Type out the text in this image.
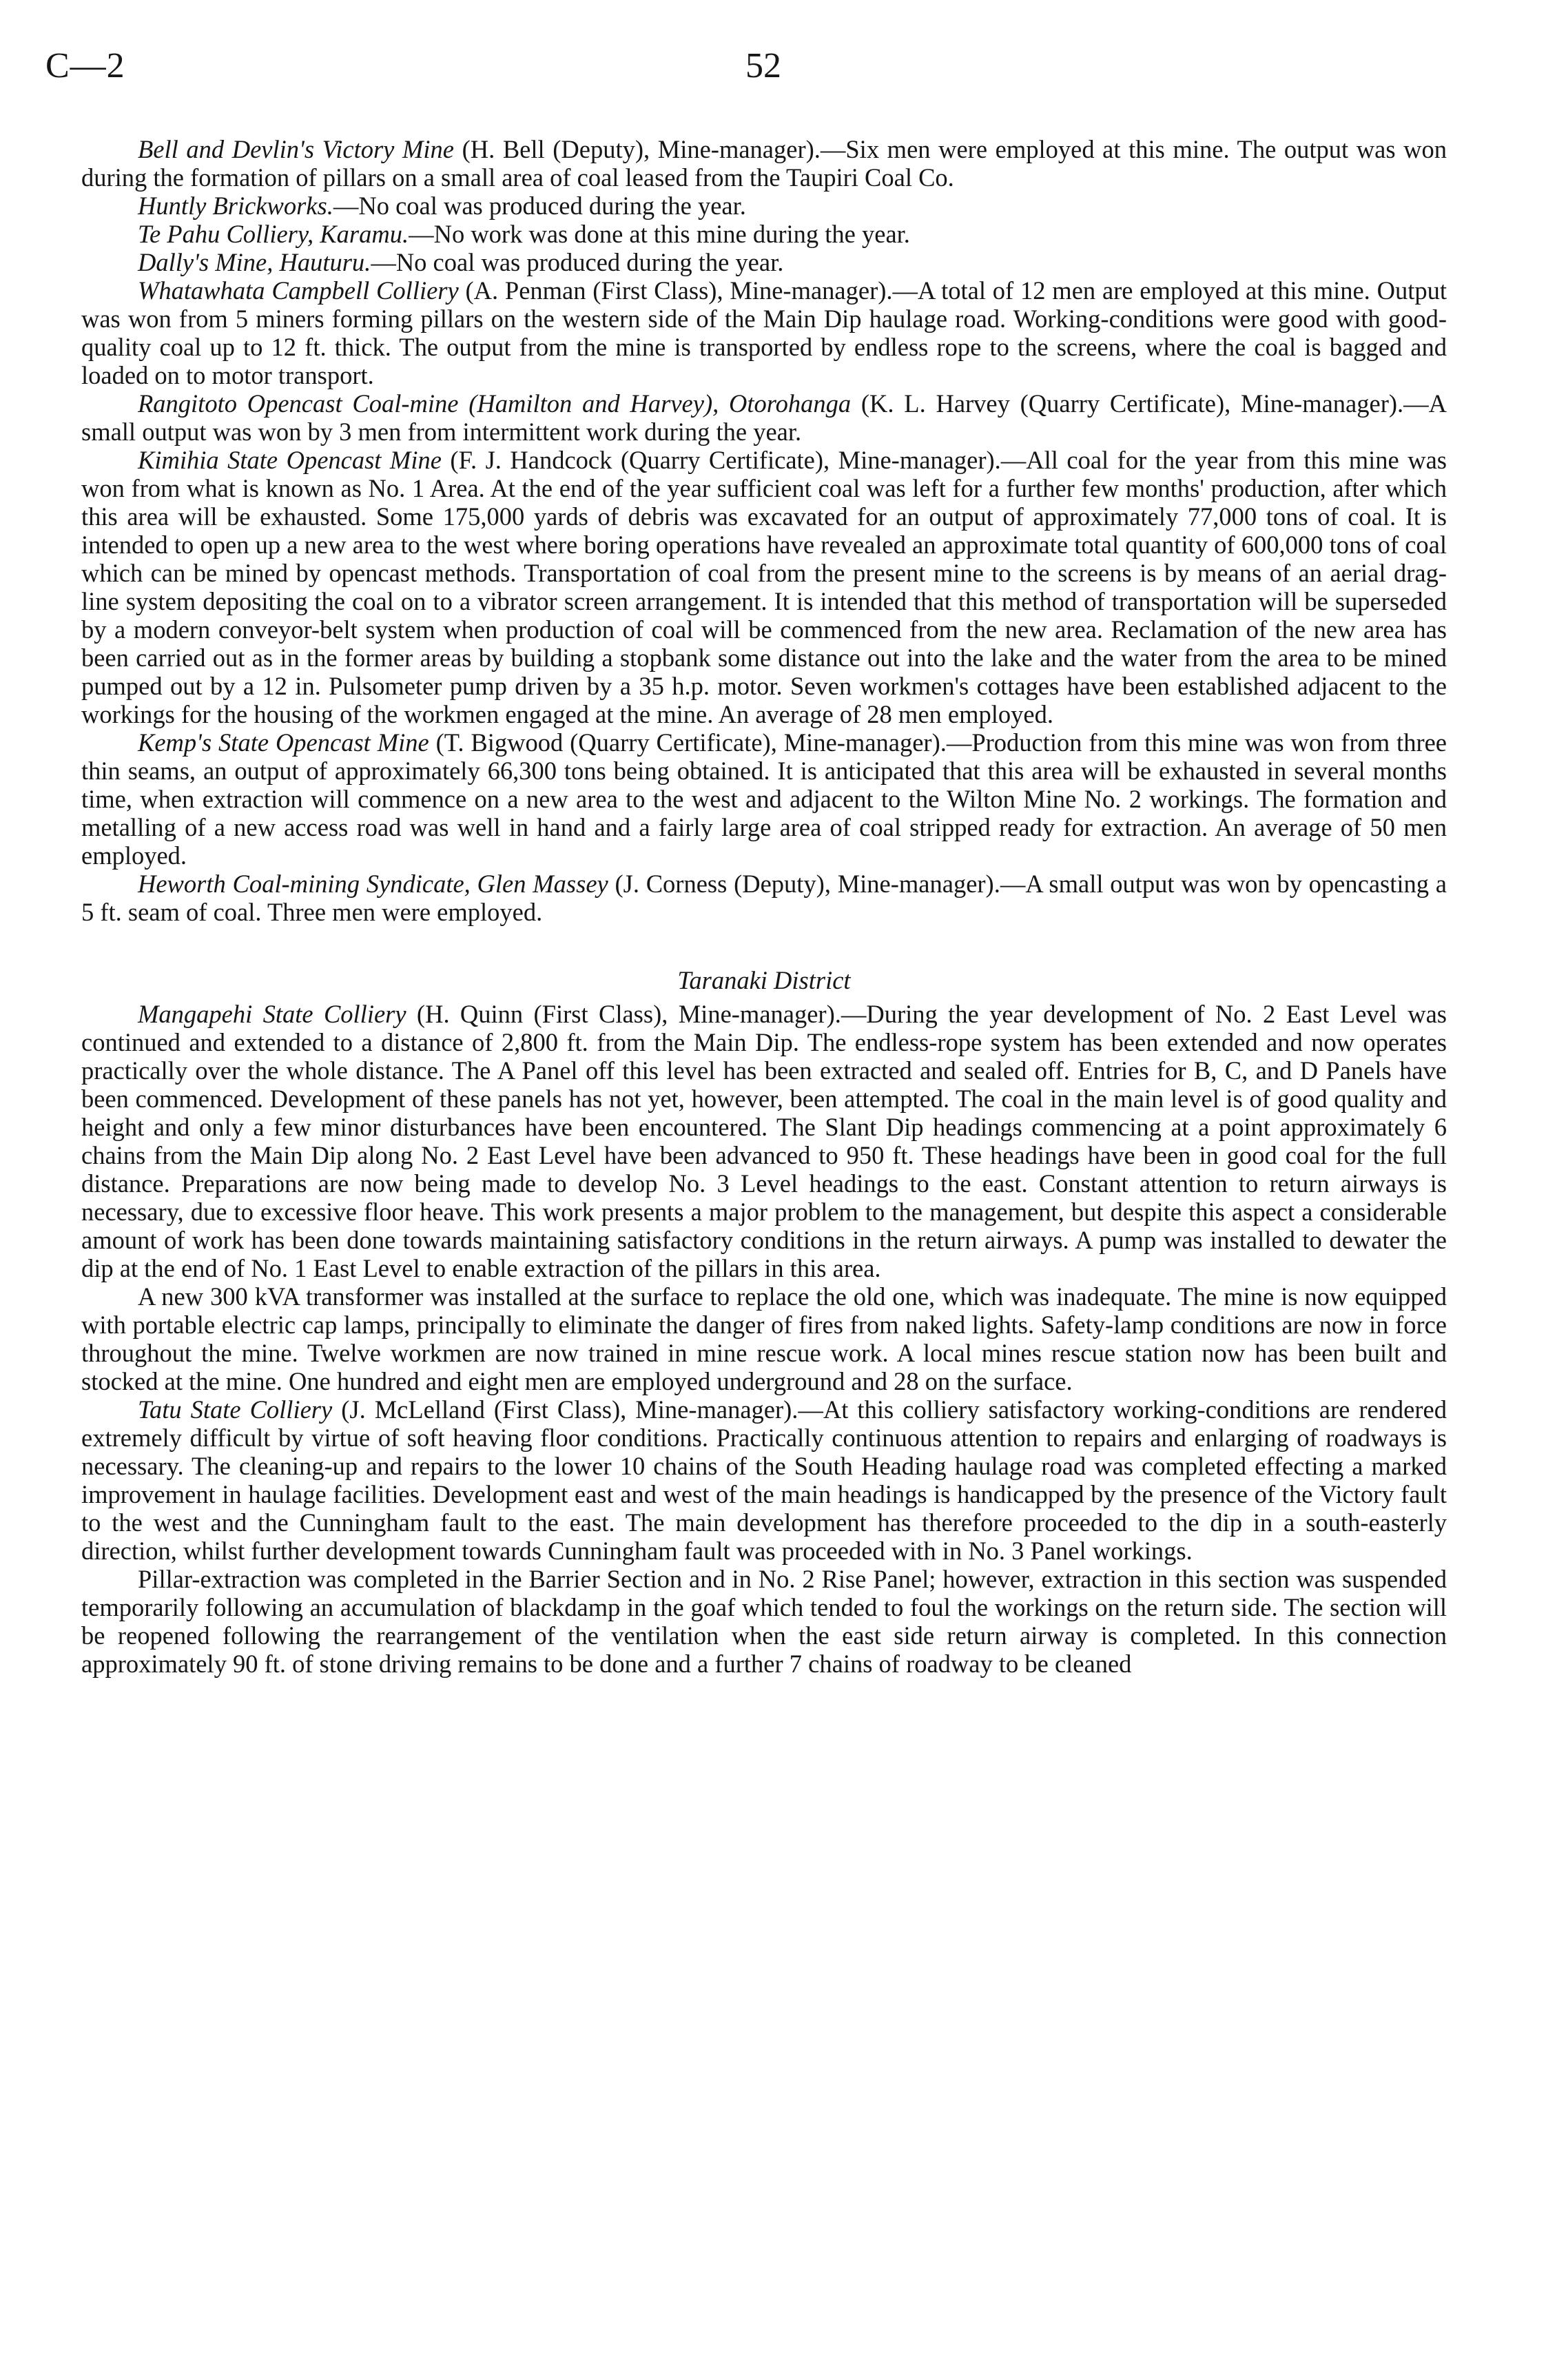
C—2	52

Bell and Devlin's Victory Mine (H. Bell (Deputy), Mine-manager).—Six men were employed at this mine. The output was won during the formation of pillars on a small area of coal leased from the Taupiri Coal Co.

Huntly Brickworks.—No coal was produced during the year.

Te Pahu Colliery, Karamu.—No work was done at this mine during the year.

Dally's Mine, Hauturu.—No coal was produced during the year.

Whatawhata Campbell Colliery (A. Penman (First Class), Mine-manager).—A total of 12 men are employed at this mine. Output was won from 5 miners forming pillars on the western side of the Main Dip haulage road. Working-conditions were good with good-quality coal up to 12 ft. thick. The output from the mine is transported by endless rope to the screens, where the coal is bagged and loaded on to motor transport.

Rangitoto Opencast Coal-mine (Hamilton and Harvey), Otorohanga (K. L. Harvey (Quarry Certificate), Mine-manager).—A small output was won by 3 men from intermittent work during the year.

Kimihia State Opencast Mine (F. J. Handcock (Quarry Certificate), Mine-manager).—All coal for the year from this mine was won from what is known as No. 1 Area. At the end of the year sufficient coal was left for a further few months' production, after which this area will be exhausted. Some 175,000 yards of debris was excavated for an output of approximately 77,000 tons of coal. It is intended to open up a new area to the west where boring operations have revealed an approximate total quantity of 600,000 tons of coal which can be mined by opencast methods. Transportation of coal from the present mine to the screens is by means of an aerial drag-line system depositing the coal on to a vibrator screen arrangement. It is intended that this method of transportation will be superseded by a modern conveyor-belt system when production of coal will be commenced from the new area. Reclamation of the new area has been carried out as in the former areas by building a stopbank some distance out into the lake and the water from the area to be mined pumped out by a 12 in. Pulsometer pump driven by a 35 h.p. motor. Seven workmen's cottages have been established adjacent to the workings for the housing of the workmen engaged at the mine. An average of 28 men employed.

Kemp's State Opencast Mine (T. Bigwood (Quarry Certificate), Mine-manager).—Production from this mine was won from three thin seams, an output of approximately 66,300 tons being obtained. It is anticipated that this area will be exhausted in several months time, when extraction will commence on a new area to the west and adjacent to the Wilton Mine No. 2 workings. The formation and metalling of a new access road was well in hand and a fairly large area of coal stripped ready for extraction. An average of 50 men employed.

Heworth Coal-mining Syndicate, Glen Massey (J. Corness (Deputy), Mine-manager).—A small output was won by opencasting a 5 ft. seam of coal. Three men were employed.

Taranaki District

Mangapehi State Colliery (H. Quinn (First Class), Mine-manager).—During the year development of No. 2 East Level was continued and extended to a distance of 2,800 ft. from the Main Dip. The endless-rope system has been extended and now operates practically over the whole distance. The A Panel off this level has been extracted and sealed off. Entries for B, C, and D Panels have been commenced. Development of these panels has not yet, however, been attempted. The coal in the main level is of good quality and height and only a few minor disturbances have been encountered. The Slant Dip headings commencing at a point approximately 6 chains from the Main Dip along No. 2 East Level have been advanced to 950 ft. These headings have been in good coal for the full distance. Preparations are now being made to develop No. 3 Level headings to the east. Constant attention to return airways is necessary, due to excessive floor heave. This work presents a major problem to the management, but despite this aspect a considerable amount of work has been done towards maintaining satisfactory conditions in the return airways. A pump was installed to dewater the dip at the end of No. 1 East Level to enable extraction of the pillars in this area.

A new 300 kVA transformer was installed at the surface to replace the old one, which was inadequate. The mine is now equipped with portable electric cap lamps, principally to eliminate the danger of fires from naked lights. Safety-lamp conditions are now in force throughout the mine. Twelve workmen are now trained in mine rescue work. A local mines rescue station now has been built and stocked at the mine. One hundred and eight men are employed underground and 28 on the surface.

Tatu State Colliery (J. McLelland (First Class), Mine-manager).—At this colliery satisfactory working-conditions are rendered extremely difficult by virtue of soft heaving floor conditions. Practically continuous attention to repairs and enlarging of roadways is necessary. The cleaning-up and repairs to the lower 10 chains of the South Heading haulage road was completed effecting a marked improvement in haulage facilities. Development east and west of the main headings is handicapped by the presence of the Victory fault to the west and the Cunningham fault to the east. The main development has therefore proceeded to the dip in a south-easterly direction, whilst further development towards Cunningham fault was proceeded with in No. 3 Panel workings.

Pillar-extraction was completed in the Barrier Section and in No. 2 Rise Panel; however, extraction in this section was suspended temporarily following an accumulation of blackdamp in the goaf which tended to foul the workings on the return side. The section will be reopened following the rearrangement of the ventilation when the east side return airway is completed. In this connection approximately 90 ft. of stone driving remains to be done and a further 7 chains of roadway to be cleaned
